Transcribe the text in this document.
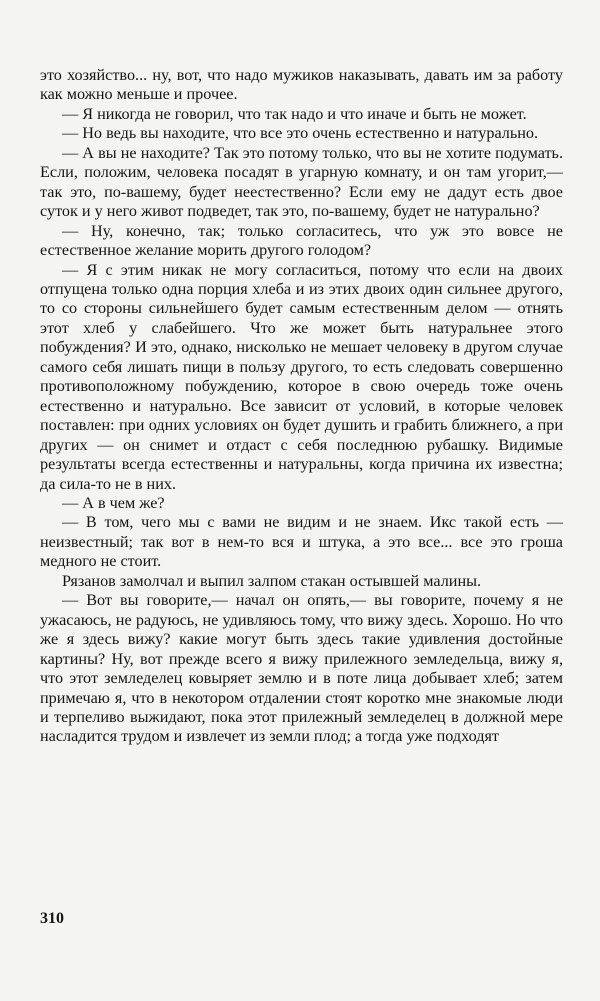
это хозяйство... ну, вот, что надо мужиков наказывать, давать им за работу как можно меньше и прочее.

— Я никогда не говорил, что так надо и что иначе и быть не может.

— Но ведь вы находите, что все это очень естественно и натурально.

— А вы не находите? Так это потому только, что вы не хотите подумать. Если, положим, человека посадят в угарную комнату, и он там угорит,— так это, по-вашему, будет неестественно? Если ему не дадут есть двое суток и у него живот подведет, так это, по-вашему, будет не натурально?

— Ну, конечно, так; только согласитесь, что уж это вовсе не естественное желание морить другого голодом?

— Я с этим никак не могу согласиться, потому что если на двоих отпущена только одна порция хлеба и из этих двоих один сильнее другого, то со стороны сильнейшего будет самым естественным делом — отнять этот хлеб у слабейшего. Что же может быть натуральнее этого побуждения? И это, однако, нисколько не мешает человеку в другом случае самого себя лишать пищи в пользу другого, то есть следовать совершенно противоположному побуждению, которое в свою очередь тоже очень естественно и натурально. Все зависит от условий, в которые человек поставлен: при одних условиях он будет душить и грабить ближнего, а при других — он снимет и отдаст с себя последнюю рубашку. Видимые результаты всегда естественны и натуральны, когда причина их известна; да сила-то не в них.

— А в чем же?

— В том, чего мы с вами не видим и не знаем. Икс такой есть — неизвестный; так вот в нем-то вся и штука, а это все... все это гроша медного не стоит.

Рязанов замолчал и выпил залпом стакан остывшей малины.

— Вот вы говорите,— начал он опять,— вы говорите, почему я не ужасаюсь, не радуюсь, не удивляюсь тому, что вижу здесь. Хорошо. Но что же я здесь вижу? какие могут быть здесь такие удивления достойные картины? Ну, вот прежде всего я вижу прилежного земледельца, вижу я, что этот земледелец ковыряет землю и в поте лица добывает хлеб; затем примечаю я, что в некотором отдалении стоят коротко мне знакомые люди и терпеливо выжидают, пока этот прилежный земледелец в должной мере насладится трудом и извлечет из земли плод; а тогда уже подходят

310
